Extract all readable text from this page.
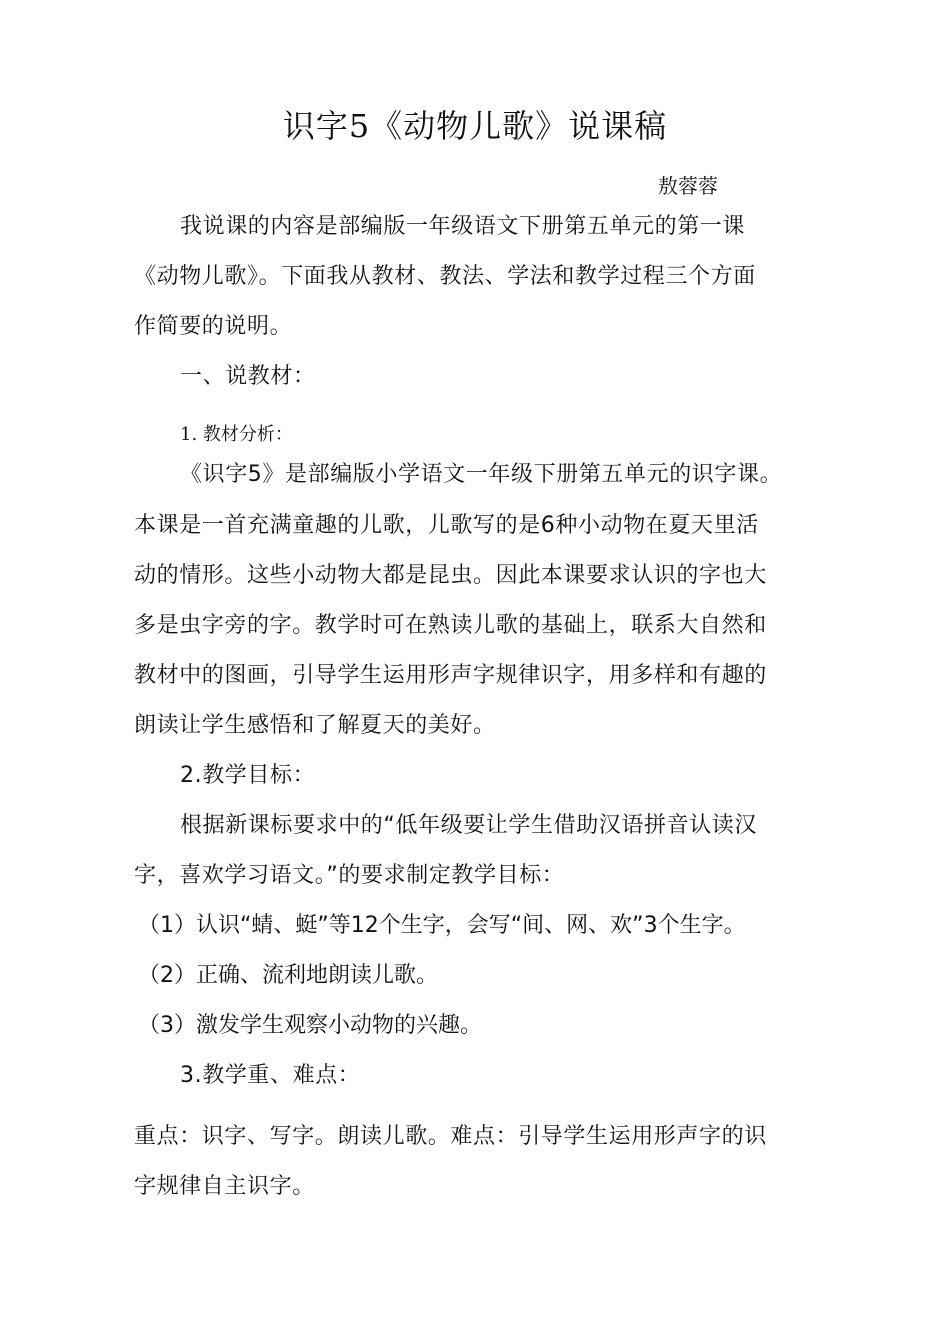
识字5《动物儿歌》说课稿
敖蓉蓉
我说课的内容是部编版一年级语文下册第五单元的第一课
《动物儿歌》。下面我从教材、教法、学法和教学过程三个方面
作简要的说明。
一、说教材：
1. 教材分析：
《识字5》是部编版小学语文一年级下册第五单元的识字课。
本课是一首充满童趣的儿歌，儿歌写的是6种小动物在夏天里活
动的情形。这些小动物大都是昆虫。因此本课要求认识的字也大
多是虫字旁的字。教学时可在熟读儿歌的基础上，联系大自然和
教材中的图画，引导学生运用形声字规律识字，用多样和有趣的
朗读让学生感悟和了解夏天的美好。
2.教学目标：
根据新课标要求中的“低年级要让学生借助汉语拼音认读汉
字，喜欢学习语文。”的要求制定教学目标：
（1）认识“蜻、蜓”等12个生字，会写“间、网、欢”3个生字。
（2）正确、流利地朗读儿歌。
（3）激发学生观察小动物的兴趣。
3.教学重、难点：
重点：识字、写字。朗读儿歌。难点：引导学生运用形声字的识
字规律自主识字。
